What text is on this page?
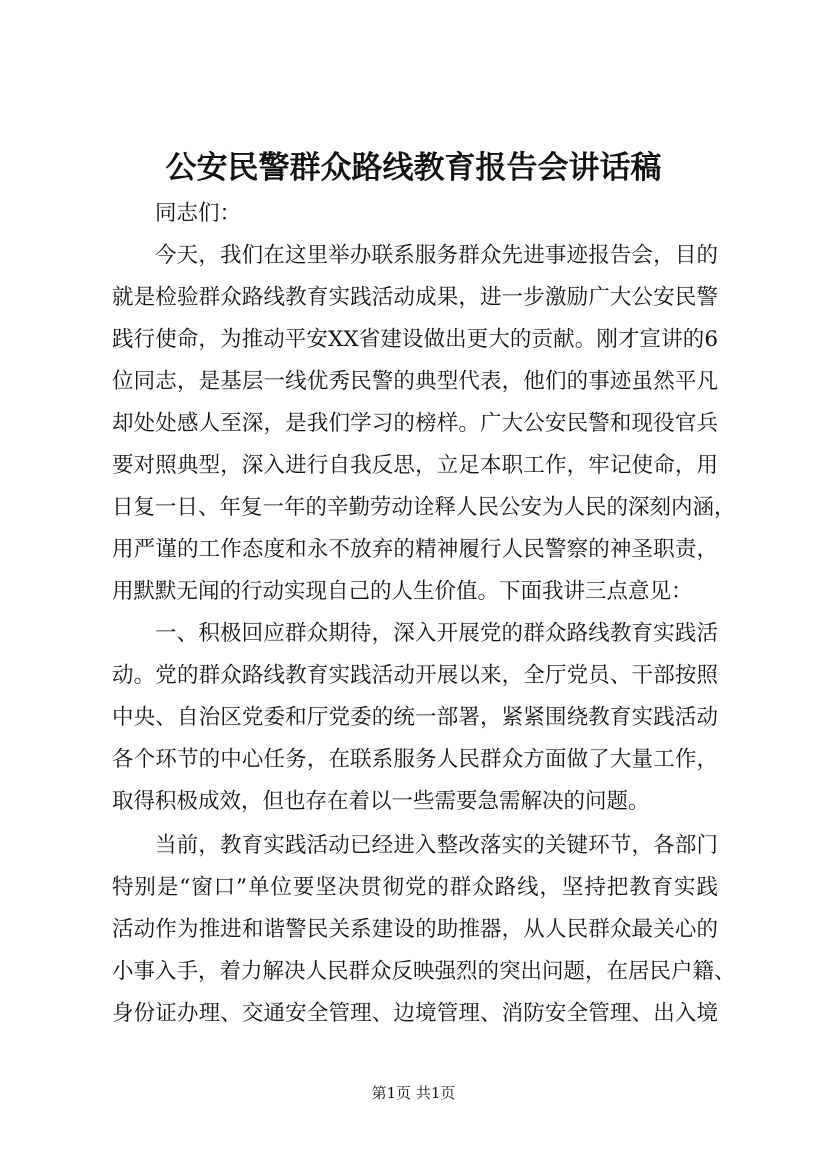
公安民警群众路线教育报告会讲话稿
同志们：
今天，我们在这里举办联系服务群众先进事迹报告会，目的
就是检验群众路线教育实践活动成果，进一步激励广大公安民警
践行使命，为推动平安XX省建设做出更大的贡献。刚才宣讲的6
位同志，是基层一线优秀民警的典型代表，他们的事迹虽然平凡
却处处感人至深，是我们学习的榜样。广大公安民警和现役官兵
要对照典型，深入进行自我反思，立足本职工作，牢记使命，用
日复一日、年复一年的辛勤劳动诠释人民公安为人民的深刻内涵，
用严谨的工作态度和永不放弃的精神履行人民警察的神圣职责，
用默默无闻的行动实现自己的人生价值。下面我讲三点意见：
一、积极回应群众期待，深入开展党的群众路线教育实践活
动。党的群众路线教育实践活动开展以来，全厅党员、干部按照
中央、自治区党委和厅党委的统一部署，紧紧围绕教育实践活动
各个环节的中心任务，在联系服务人民群众方面做了大量工作，
取得积极成效，但也存在着以一些需要急需解决的问题。
当前，教育实践活动已经进入整改落实的关键环节，各部门
特别是“窗口”单位要坚决贯彻党的群众路线，坚持把教育实践
活动作为推进和谐警民关系建设的助推器，从人民群众最关心的
小事入手，着力解决人民群众反映强烈的突出问题，在居民户籍、
身份证办理、交通安全管理、边境管理、消防安全管理、出入境
第1页 共1页
